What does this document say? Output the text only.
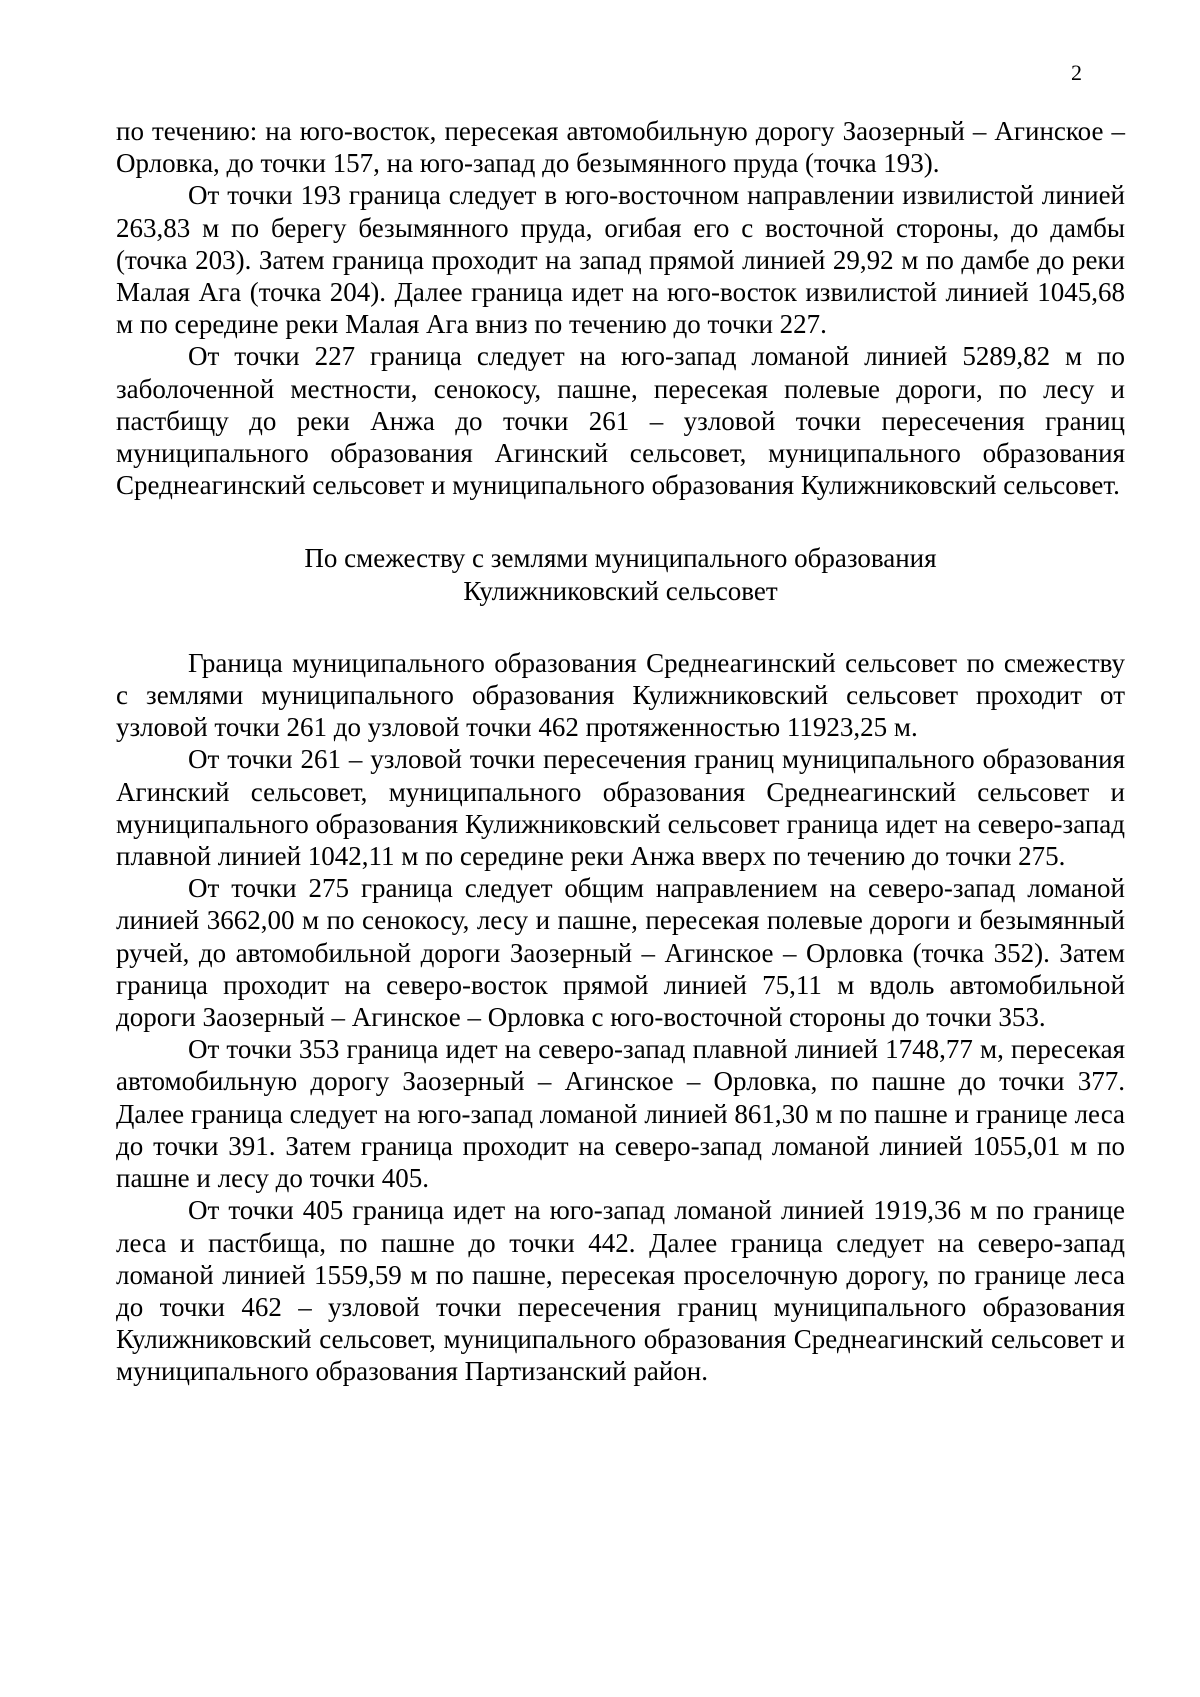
2

по течению: на юго-восток, пересекая автомобильную дорогу Заозерный – Агинское – Орловка, до точки 157, на юго-запад до безымянного пруда (точка 193).

От точки 193 граница следует в юго-восточном направлении извилистой линией 263,83 м по берегу безымянного пруда, огибая его с восточной стороны, до дамбы (точка 203). Затем граница проходит на запад прямой линией 29,92 м по дамбе до реки Малая Ага (точка 204). Далее граница идет на юго-восток извилистой линией 1045,68 м по середине реки Малая Ага вниз по течению до точки 227.

От точки 227 граница следует на юго-запад ломаной линией 5289,82 м по заболоченной местности, сенокосу, пашне, пересекая полевые дороги, по лесу и пастбищу до реки Анжа до точки 261 – узловой точки пересечения границ муниципального образования Агинский сельсовет, муниципального образования Среднеагинский сельсовет и муниципального образования Кулижниковский сельсовет.

По смежеству с землями муниципального образования
Кулижниковский сельсовет

Граница муниципального образования Среднеагинский сельсовет по смежеству с землями муниципального образования Кулижниковский сельсовет проходит от узловой точки 261 до узловой точки 462 протяженностью 11923,25 м.

От точки 261 – узловой точки пересечения границ муниципального образования Агинский сельсовет, муниципального образования Среднеагинский сельсовет и муниципального образования Кулижниковский сельсовет граница идет на северо-запад плавной линией 1042,11 м по середине реки Анжа вверх по течению до точки 275.

От точки 275 граница следует общим направлением на северо-запад ломаной линией 3662,00 м по сенокосу, лесу и пашне, пересекая полевые дороги и безымянный ручей, до автомобильной дороги Заозерный – Агинское – Орловка (точка 352). Затем граница проходит на северо-восток прямой линией 75,11 м вдоль автомобильной дороги Заозерный – Агинское – Орловка с юго-восточной стороны до точки 353.

От точки 353 граница идет на северо-запад плавной линией 1748,77 м, пересекая автомобильную дорогу Заозерный – Агинское – Орловка, по пашне до точки 377. Далее граница следует на юго-запад ломаной линией 861,30 м по пашне и границе леса до точки 391. Затем граница проходит на северо-запад ломаной линией 1055,01 м по пашне и лесу до точки 405.

От точки 405 граница идет на юго-запад ломаной линией 1919,36 м по границе леса и пастбища, по пашне до точки 442. Далее граница следует на северо-запад ломаной линией 1559,59 м по пашне, пересекая проселочную дорогу, по границе леса до точки 462 – узловой точки пересечения границ муниципального образования Кулижниковский сельсовет, муниципального образования Среднеагинский сельсовет и муниципального образования Партизанский район.
